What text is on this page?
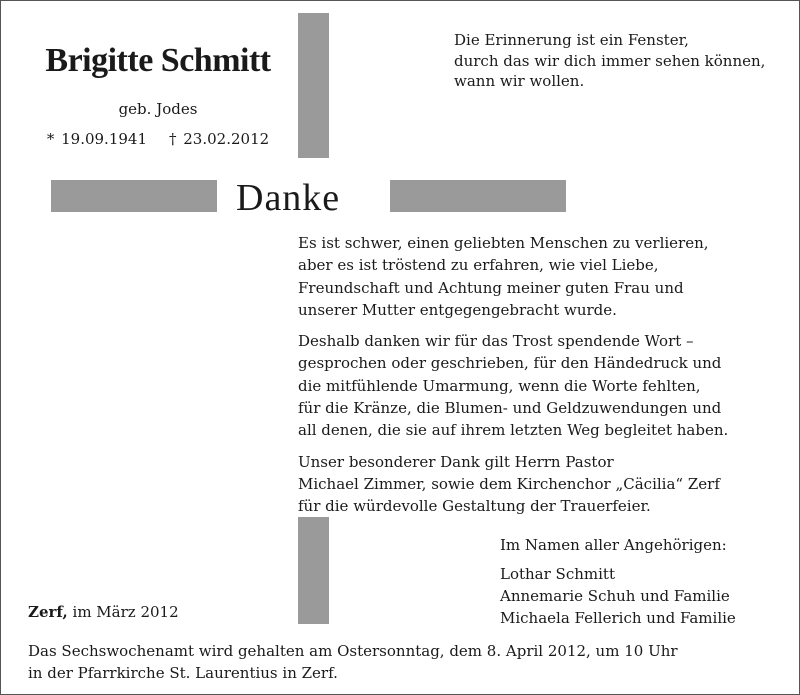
Brigitte Schmitt
geb. Jodes
* 19.09.1941 † 23.02.2012
Die Erinnerung ist ein Fenster,
durch das wir dich immer sehen können,
wann wir wollen.
Danke

Es ist schwer, einen geliebten Menschen zu verlieren,
aber es ist tröstend zu erfahren, wie viel Liebe,
Freundschaft und Achtung meiner guten Frau und
unserer Mutter entgegengebracht wurde.

Deshalb danken wir für das Trost spendende Wort –
gesprochen oder geschrieben, für den Händedruck und
die mitfühlende Umarmung, wenn die Worte fehlten,
für die Kränze, die Blumen- und Geldzuwendungen und
all denen, die sie auf ihrem letzten Weg begleitet haben.

Unser besonderer Dank gilt Herrn Pastor
Michael Zimmer, sowie dem Kirchenchor „Cäcilia“ Zerf
für die würdevolle Gestaltung der Trauerfeier.

Im Namen aller Angehörigen:
Lothar Schmitt
Annemarie Schuh und Familie
Michaela Fellerich und Familie
Zerf, im März 2012
Das Sechswochenamt wird gehalten am Ostersonntag, dem 8. April 2012, um 10 Uhr
in der Pfarrkirche St. Laurentius in Zerf.
